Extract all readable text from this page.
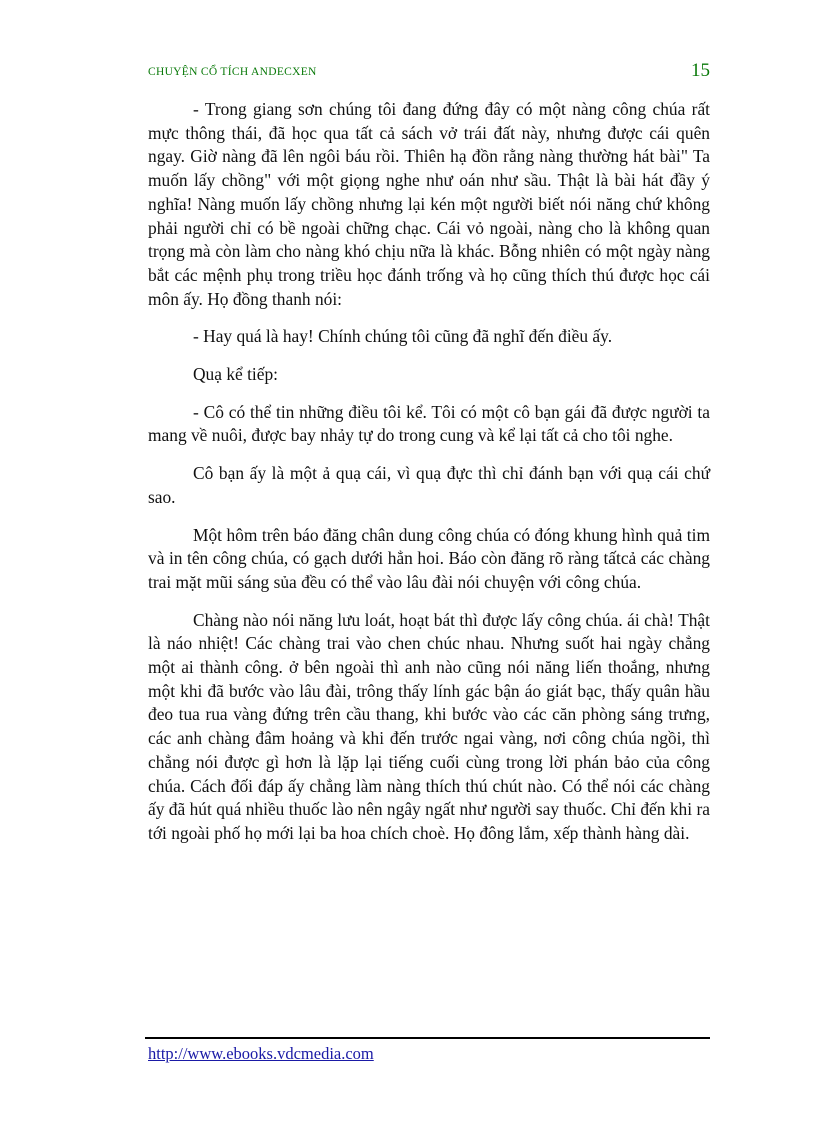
CHUYỆN CỔ TÍCH ANDECXEN	15

- Trong giang sơn chúng tôi đang đứng đây có một nàng công chúa rất mực thông thái, đã học qua tất cả sách vở trái đất này, nhưng được cái quên ngay. Giờ nàng đã lên ngôi báu rồi. Thiên hạ đồn rằng nàng thường hát bài" Ta muốn lấy chồng" với một giọng nghe như oán như sầu. Thật là bài hát đầy ý nghĩa! Nàng muốn lấy chồng nhưng lại kén một người biết nói năng chứ không phải người chỉ có bề ngoài chững chạc. Cái vỏ ngoài, nàng cho là không quan trọng mà còn làm cho nàng khó chịu nữa là khác. Bỗng nhiên có một ngày nàng bắt các mệnh phụ trong triều học đánh trống và họ cũng thích thú được học cái môn ấy. Họ đồng thanh nói:

- Hay quá là hay! Chính chúng tôi cũng đã nghĩ đến điều ấy.

Quạ kể tiếp:

- Cô có thể tin những điều tôi kể. Tôi có một cô bạn gái đã được người ta mang về nuôi, được bay nhảy tự do trong cung và kể lại tất cả cho tôi nghe.

Cô bạn ấy là một ả quạ cái, vì quạ đực thì chỉ đánh bạn với quạ cái chứ sao.

Một hôm trên báo đăng chân dung công chúa có đóng khung hình quả tim và in tên công chúa, có gạch dưới hẳn hoi. Báo còn đăng rõ ràng tấtcả các chàng trai mặt mũi sáng sủa đều có thể vào lâu đài nói chuyện với công chúa.

Chàng nào nói năng lưu loát, hoạt bát thì được lấy công chúa. ái chà! Thật là náo nhiệt! Các chàng trai vào chen chúc nhau. Nhưng suốt hai ngày chẳng một ai thành công. ở bên ngoài thì anh nào cũng nói năng liến thoắng, nhưng một khi đã bước vào lâu đài, trông thấy lính gác bận áo giát bạc, thấy quân hầu đeo tua rua vàng đứng trên cầu thang, khi bước vào các căn phòng sáng trưng, các anh chàng đâm hoảng và khi đến trước ngai vàng, nơi công chúa ngồi, thì chẳng nói được gì hơn là lặp lại tiếng cuối cùng trong lời phán bảo của công chúa. Cách đối đáp ấy chẳng làm nàng thích thú chút nào. Có thể nói các chàng ấy đã hút quá nhiều thuốc lào nên ngây ngất như người say thuốc. Chỉ đến khi ra tới ngoài phố họ mới lại ba hoa chích choè. Họ đông lắm, xếp thành hàng dài.

http://www.ebooks.vdcmedia.com
